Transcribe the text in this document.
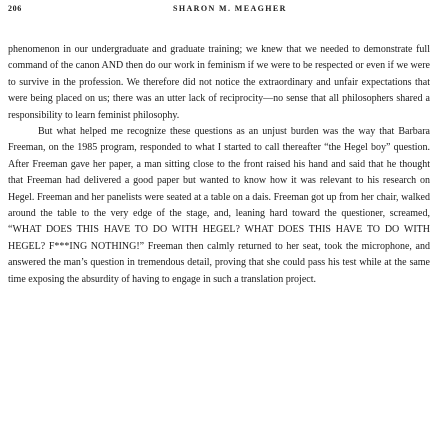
206	SHARON M. MEAGHER

phenomenon in our undergraduate and graduate training; we knew that we needed to demonstrate full command of the canon AND then do our work in feminism if we were to be respected or even if we were to survive in the profession. We therefore did not notice the extraordinary and unfair expectations that were being placed on us; there was an utter lack of reciprocity—no sense that all philosophers shared a responsibility to learn feminist philosophy.

But what helped me recognize these questions as an unjust burden was the way that Barbara Freeman, on the 1985 program, responded to what I started to call thereafter “the Hegel boy” question. After Freeman gave her paper, a man sitting close to the front raised his hand and said that he thought that Freeman had delivered a good paper but wanted to know how it was relevant to his research on Hegel. Freeman and her panelists were seated at a table on a dais. Freeman got up from her chair, walked around the table to the very edge of the stage, and, leaning hard toward the questioner, screamed, “WHAT DOES THIS HAVE TO DO WITH HEGEL? WHAT DOES THIS HAVE TO DO WITH HEGEL? F***ING NOTHING!” Freeman then calmly returned to her seat, took the microphone, and answered the man’s question in tremendous detail, proving that she could pass his test while at the same time exposing the absurdity of having to engage in such a translation project.
